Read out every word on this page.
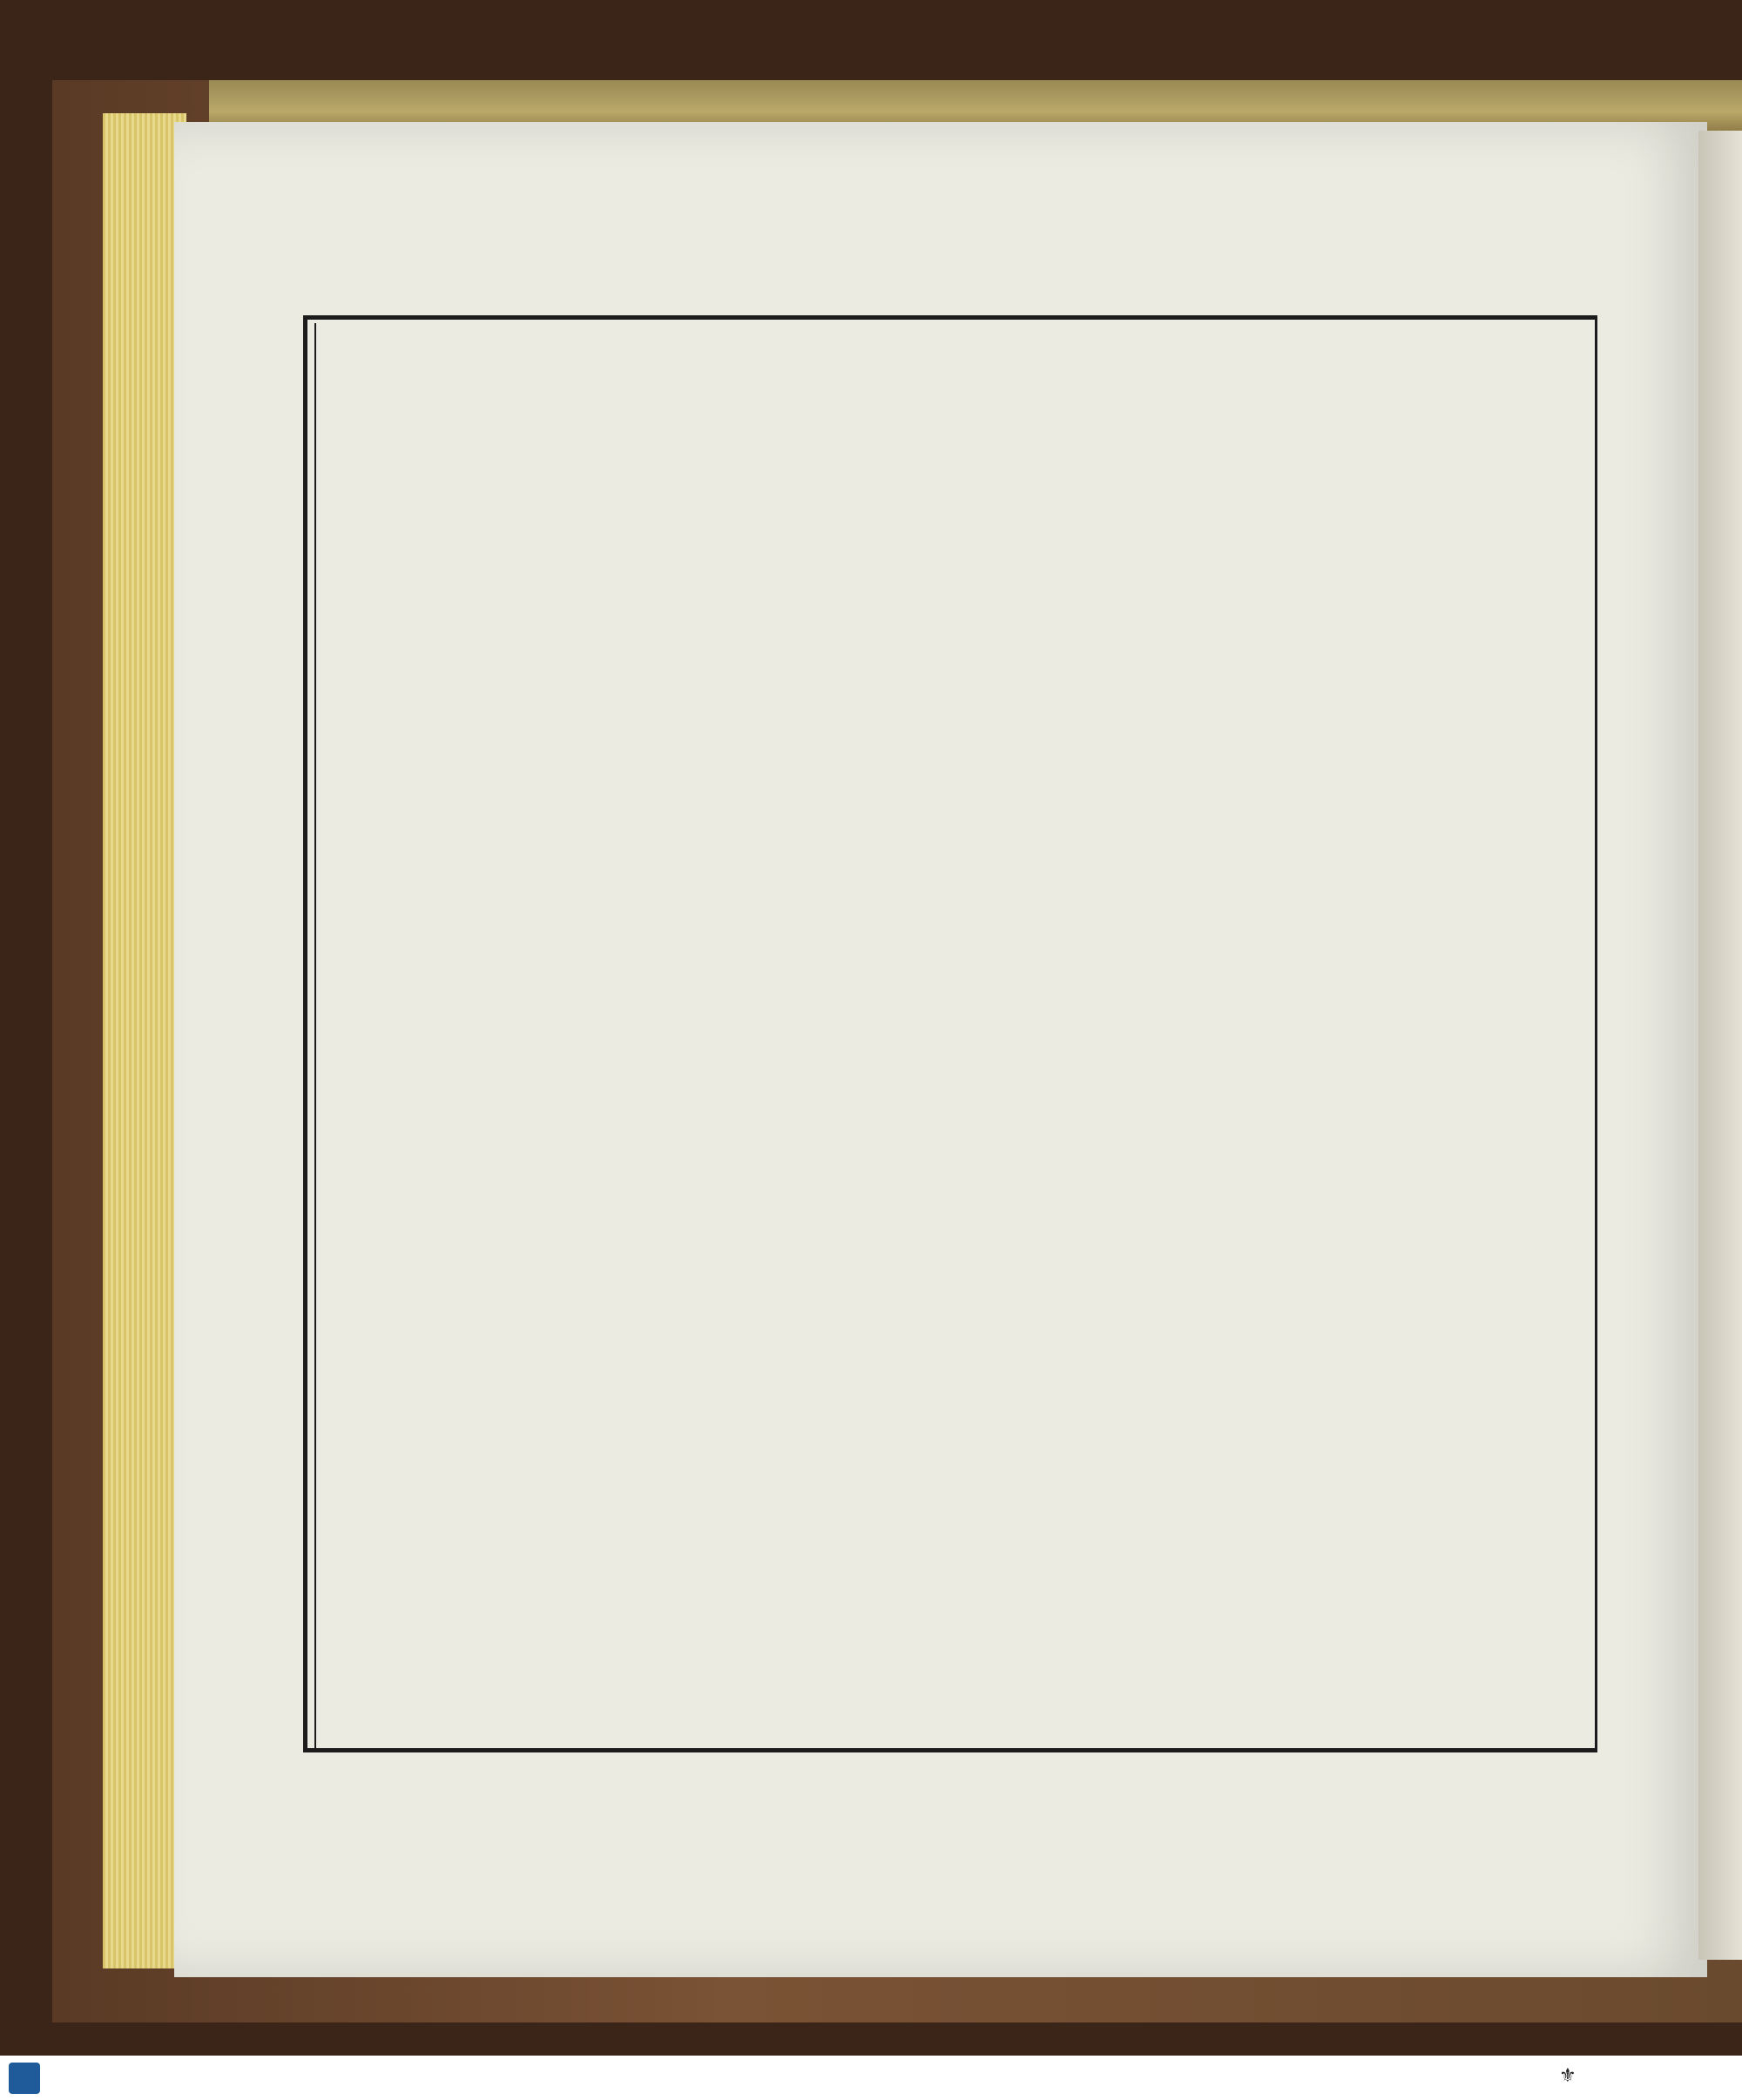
⚜
